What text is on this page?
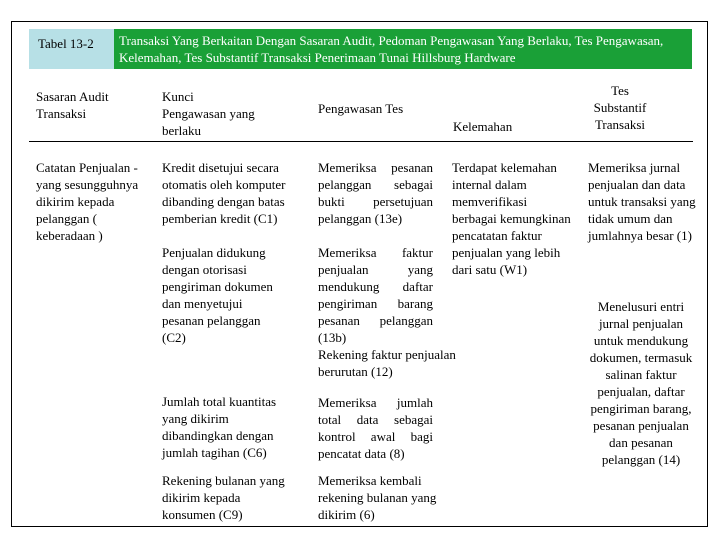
Tabel 13-2	Transaksi Yang Berkaitan Dengan Sasaran Audit, Pedoman Pengawasan Yang Berlaku, Tes Pengawasan, Kelemahan, Tes Substantif Transaksi Penerimaan Tunai Hillsburg Hardware

Sasaran Audit Transaksi

Kunci Pengawasan yang berlaku

Pengawasan Tes

Kelemahan

Tes Substantif Transaksi

Catatan Penjualan - yang sesungguhnya dikirim kepada pelanggan ( keberadaan )

Kredit disetujui secara otomatis oleh komputer dibanding dengan batas pemberian kredit (C1)

Penjualan didukung dengan otorisasi pengiriman dokumen dan menyetujui pesanan pelanggan (C2)

Jumlah total kuantitas yang dikirim dibandingkan dengan jumlah tagihan (C6)

Rekening bulanan yang dikirim kepada konsumen (C9)

Memeriksa pesanan pelanggan sebagai bukti persetujuan pelanggan (13e)

Memeriksa faktur penjualan yang mendukung daftar pengiriman barang pesanan pelanggan (13b)

Rekening faktur penjualan berurutan (12)

Memeriksa jumlah total data sebagai kontrol awal bagi pencatat data (8)

Memeriksa kembali rekening bulanan yang dikirim (6)

Terdapat kelemahan internal dalam memverifikasi berbagai kemungkinan pencatatan faktur penjualan yang lebih dari satu (W1)

Memeriksa jurnal penjualan dan data untuk transaksi yang tidak umum dan jumlahnya besar (1)

Menelusuri entri jurnal penjualan untuk mendukung dokumen, termasuk salinan faktur penjualan, daftar pengiriman barang, pesanan penjualan dan pesanan pelanggan (14)
